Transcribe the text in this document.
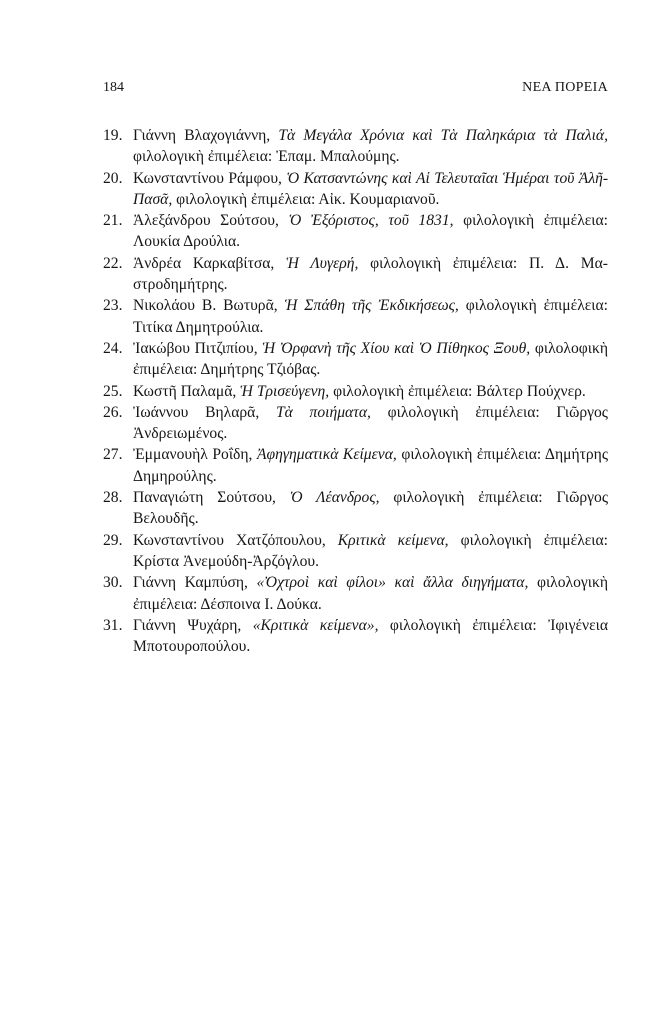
184	ΝΕΑ ΠΟΡΕΙΑ
19. Γιάννη Βλαχογιάννη, Τὰ Μεγάλα Χρόνια καὶ Τὰ Παληκάρια τὰ Παλιά, φιλολογικὴ ἐπιμέλεια: Ἐπαμ. Μπαλούμης.
20. Κωνσταντίνου Ράμφου, Ὁ Κατσαντώνης καὶ Αἱ Τελευταῖαι Ἡμέραι τοῦ Ἀλῆ-Πασᾶ, φιλολογικὴ ἐπιμέλεια: Αἰκ. Κουμαριανοῦ.
21. Ἀλεξάνδρου Σούτσου, Ὁ Ἐξόριστος, τοῦ 1831, φιλολογικὴ ἐπιμέλεια: Λουκία Δρούλια.
22. Ἀνδρέα Καρκαβίτσα, Ἡ Λυγερή, φιλολογικὴ ἐπιμέλεια: Π. Δ. Μαστροδημήτρης.
23. Νικολάου Β. Βωτυρᾶ, Ἡ Σπάθη τῆς Ἐκδικήσεως, φιλολογικὴ ἐπιμέλεια: Τιτίκα Δημητρούλια.
24. Ἰακώβου Πιτζιπίου, Ἡ Ὀρφανὴ τῆς Χίου καὶ Ὁ Πίθηκος Ξουθ, φιλολοφικὴ ἐπιμέλεια: Δημήτρης Τζιόβας.
25. Κωστῆ Παλαμᾶ, Ἡ Τρισεύγενη, φιλολογικὴ ἐπιμέλεια: Βάλτερ Πούχνερ.
26. Ἰωάννου Βηλαρᾶ, Τὰ ποιήματα, φιλολογικὴ ἐπιμέλεια: Γιῶργος Ἀνδρειωμένος.
27. Ἐμμανουὴλ Ροΐδη, Ἀφηγηματικὰ Κείμενα, φιλολογικὴ ἐπιμέλεια: Δημήτρης Δημηρούλης.
28. Παναγιώτη Σούτσου, Ὁ Λέανδρος, φιλολογικὴ ἐπιμέλεια: Γιῶργος Βελουδῆς.
29. Κωνσταντίνου Χατζόπουλου, Κριτικὰ κείμενα, φιλολογικὴ ἐπιμέλεια: Κρίστα Ἀνεμούδη-Ἀρζόγλου.
30. Γιάννη Καμπύση, «Ὀχτροὶ καὶ φίλοι» καὶ ἄλλα διηγήματα, φιλολογικὴ ἐπιμέλεια: Δέσποινα Ι. Δούκα.
31. Γιάννη Ψυχάρη, «Κριτικὰ κείμενα», φιλολογικὴ ἐπιμέλεια: Ἰφιγένεια Μποτουροπούλου.
